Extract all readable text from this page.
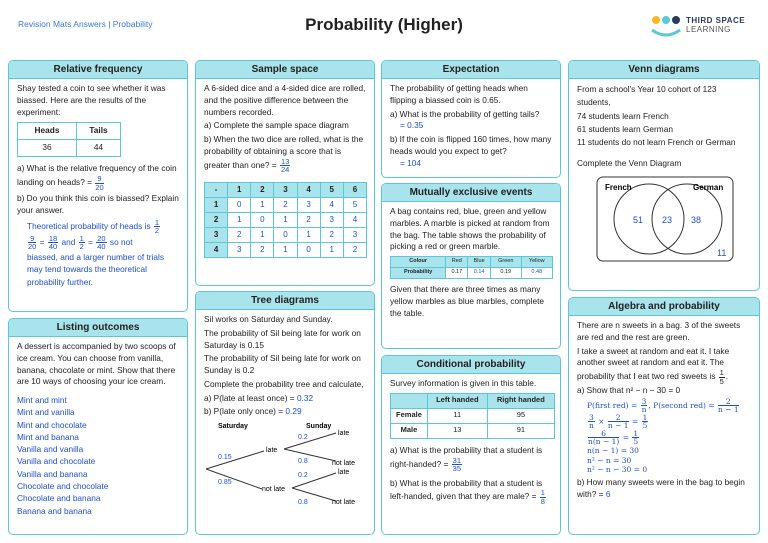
Revision Mats Answers | Probability	Probability (Higher)	THIRD SPACE
LEARNING
Relative frequency

Shay tested a coin to see whether it was biassed. Here are the results of the experiment:

Heads	Tails
36	44

a) What is the relative frequency of the coin landing on heads? = $\frac{9}{20}$

b) Do you think this coin is biassed? Explain your answer.

Theoretical probability of heads is $\frac{1}{2}$

$\frac{9}{20} = \frac{18}{40}$ and $\frac{1}{2} = \frac{20}{40}$ so not
biassed, and a larger number of trials may tend towards the theoretical probability further.
Listing outcomes

A dessert is accompanied by two scoops of ice cream. You can choose from vanilla, banana, chocolate or mint. Show that there are 10 ways of choosing your ice cream.

Mint and mint
Mint and vanilla
Mint and chocolate
Mint and banana
Vanilla and vanilla
Vanilla and chocolate
Vanilla and banana
Chocolate and chocolate
Chocolate and banana
Banana and banana
Sample space

A 6-sided dice and a 4-sided dice are rolled, and the positive difference between the numbers recorded.

a) Complete the sample space diagram

b) When the two dice are rolled, what is the probability of obtaining a score that is greater than one? = $\frac{13}{24}$

-	1	2	3	4	5	6
1	0	1	2	3	4	5
2	1	0	1	2	3	4
3	2	1	0	1	2	3
4	3	2	1	0	1	2
Tree diagrams

Sil works on Saturday and Sunday.

The probability of Sil being late for work on Saturday is 0.15

The probability of Sil being late for work on Sunday is 0.2

Complete the probability tree and calculate,

a) P(late at least once) = 0.32

b) P(late only once) = 0.29

Saturday	Sunday
late
not late
late
not late
late
not late
0.15
0.85
0.2
0.8
0.2
0.8
Expectation

The probability of getting heads when flipping a biassed coin is 0.65.

a) What is the probability of getting tails?

= 0.35

b) If the coin is flipped 160 times, how many heads would you expect to get?

= 104

Mutually exclusive events

A bag contains red, blue, green and yellow marbles. A marble is picked at random from the bag. The table shows the probability of picking a red or green marble.

Colour	Red	Blue	Green	Yellow
Probability	0.17	0.14	0.19	0.48

Given that there are three times as many yellow marbles as blue marbles, complete the table.

Conditional probability

Survey information is given in this table.

	Left handed	Right handed
Female	11	95
Male	13	91

a) What is the probability that a student is right-handed? = $\frac{31}{35}$

b) What is the probability that a student is left-handed, given that they are male? = $\frac{1}{8}$

Venn diagrams

From a school's Year 10 cohort of 123 students,

74 students learn French

61 students learn German

11 students do not learn French or German

Complete the Venn Diagram

French	German
51 23 38
11
Algebra and probability

There are n sweets in a bag. 3 of the sweets are red and the rest are green.

I take a sweet at random and eat it. I take another sweet at random and eat it. The probability that I eat two red sweets is $\frac{1}{5}$ .

a) Show that n² − n − 30 = 0

P(first $red) = \frac{3}{n}$ , P(second $red) = \frac{2}{n - 1}$
$\frac{3}{n} \times \frac{2}{n - 1} = \frac{1}{5}$
$\frac{6}{n(n - 1)} = \frac{1}{5}$
n(n − 1) = 30
n² − n = 30
n² − n − 30 = 0

b) How many sweets were in the bag to begin with? = 6
